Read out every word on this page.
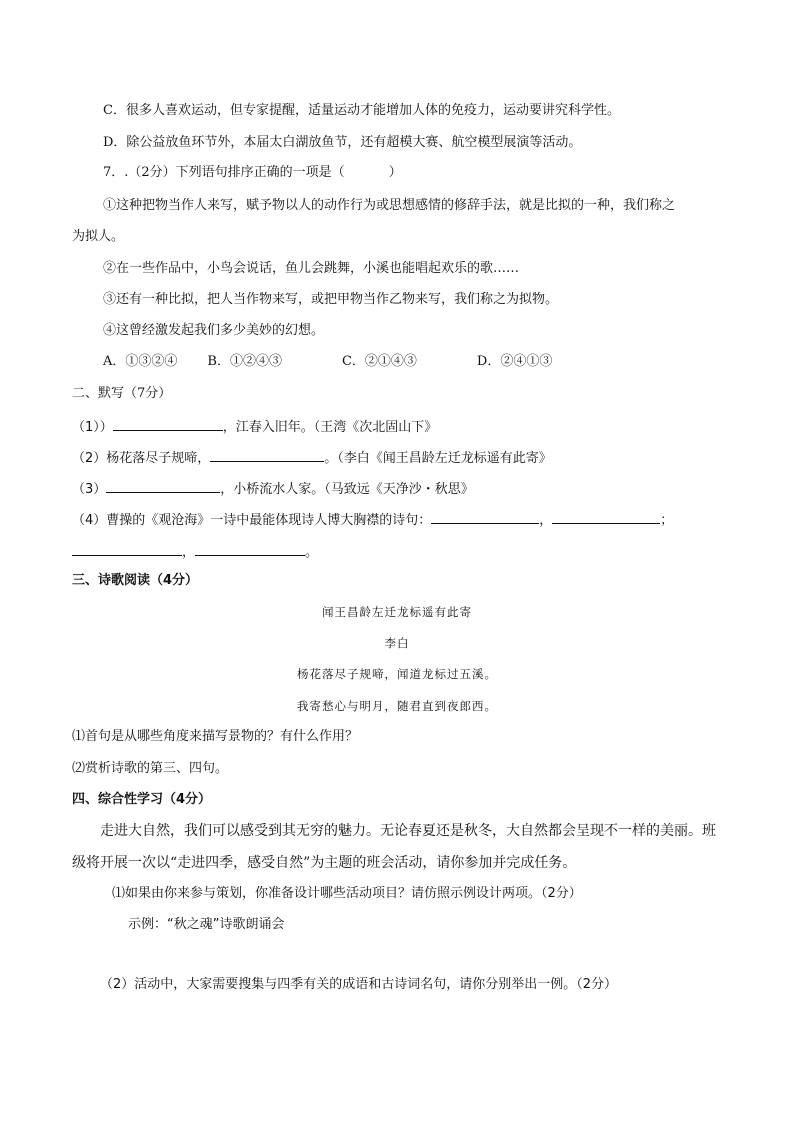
C．很多人喜欢运动，但专家提醒，适量运动才能增加人体的免疫力，运动要讲究科学性。
D．除公益放鱼环节外，本届太白湖放鱼节，还有超模大赛、航空模型展演等活动。
7．.（2分）下列语句排序正确的一项是（	）
①这种把物当作人来写，赋予物以人的动作行为或思想感情的修辞手法，就是比拟的一种，我们称之
为拟人。
②在一些作品中，小鸟会说话，鱼儿会跳舞，小溪也能唱起欢乐的歌……
③还有一种比拟，把人当作物来写，或把甲物当作乙物来写，我们称之为拟物。
④这曾经激发起我们多少美妙的幻想。
A．①③②④ B．①②④③	C．②①④③	D．②④①③
二、默写（7分）
（1））	，江春入旧年。（王湾《次北固山下》
（2）杨花落尽子规啼，	。（李白《闻王昌龄左迁龙标遥有此寄》
（3）	，小桥流水人家。（马致远《天净沙・秋思》
（4）曹操的《观沧海》一诗中最能体现诗人博大胸襟的诗句：	，	；
，	。
三、诗歌阅读（4分）
闻王昌龄左迁龙标遥有此寄
李白
杨花落尽子规啼，闻道龙标过五溪。
我寄愁心与明月，随君直到夜郎西。
⑴首句是从哪些角度来描写景物的？有什么作用？
⑵赏析诗歌的第三、四句。
四、综合性学习（4分）
走进大自然，我们可以感受到其无穷的魅力。无论春夏还是秋冬，大自然都会呈现不一样的美丽。班
级将开展一次以“走进四季，感受自然”为主题的班会活动，请你参加并完成任务。
⑴如果由你来参与策划，你准备设计哪些活动项目？请仿照示例设计两项。（2分）
示例：“秋之魂”诗歌朗诵会
（2）活动中，大家需要搜集与四季有关的成语和古诗词名句，请你分别举出一例。（2分）
